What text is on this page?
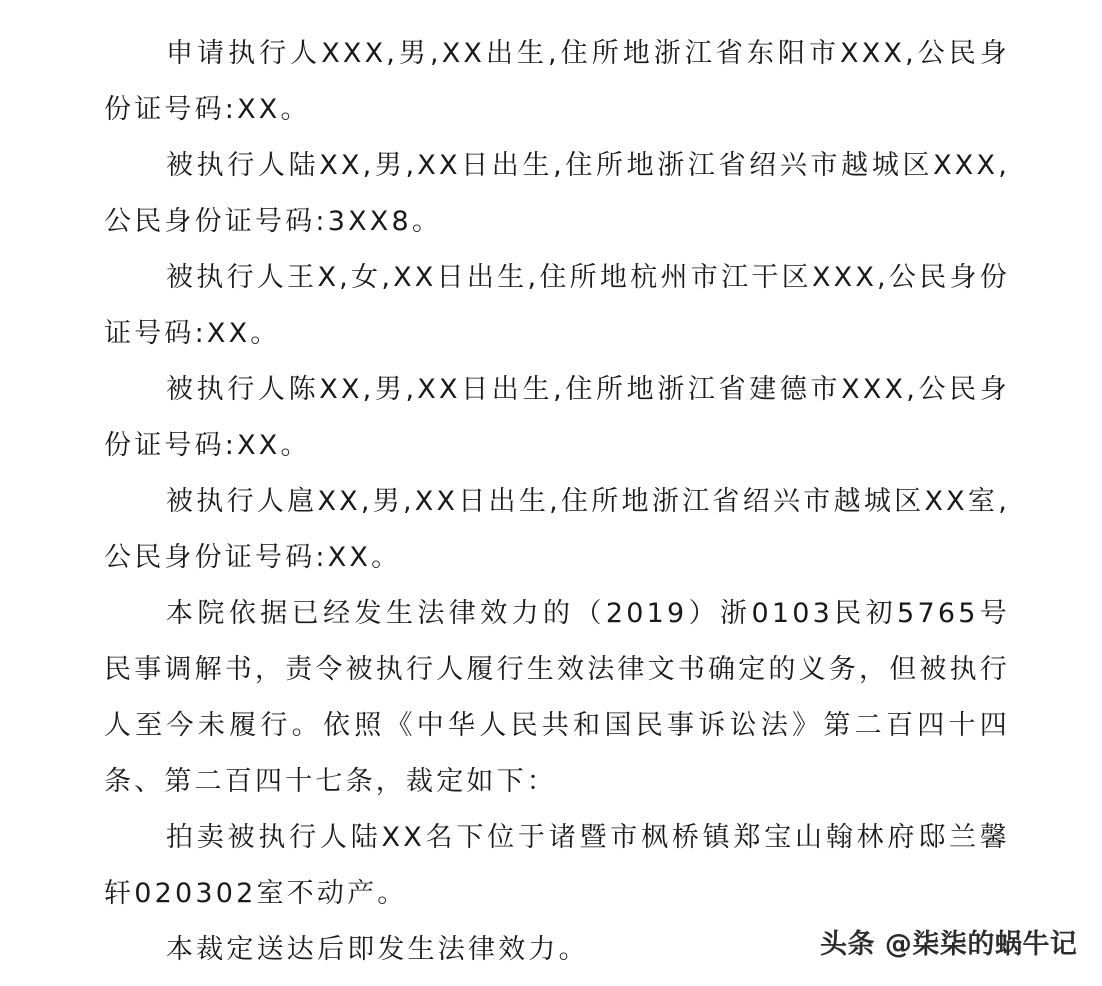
申请执行人XXX,男,XX出生,住所地浙江省东阳市XXX,公民身份证号码:XX。

被执行人陆XX,男,XX日出生,住所地浙江省绍兴市越城区XXX,公民身份证号码:3XX8。

被执行人王X,女,XX日出生,住所地杭州市江干区XXX,公民身份证号码:XX。

被执行人陈XX,男,XX日出生,住所地浙江省建德市XXX,公民身份证号码:XX。

被执行人扈XX,男,XX日出生,住所地浙江省绍兴市越城区XX室,公民身份证号码:XX。

本院依据已经发生法律效力的（2019）浙0103民初5765号民事调解书，责令被执行人履行生效法律文书确定的义务，但被执行人至今未履行。依照《中华人民共和国民事诉讼法》第二百四十四条、第二百四十七条，裁定如下：

拍卖被执行人陆XX名下位于诸暨市枫桥镇郑宝山翰林府邸兰馨轩020302室不动产。

本裁定送达后即发生法律效力。	头条 @柒柒的蜗牛记
